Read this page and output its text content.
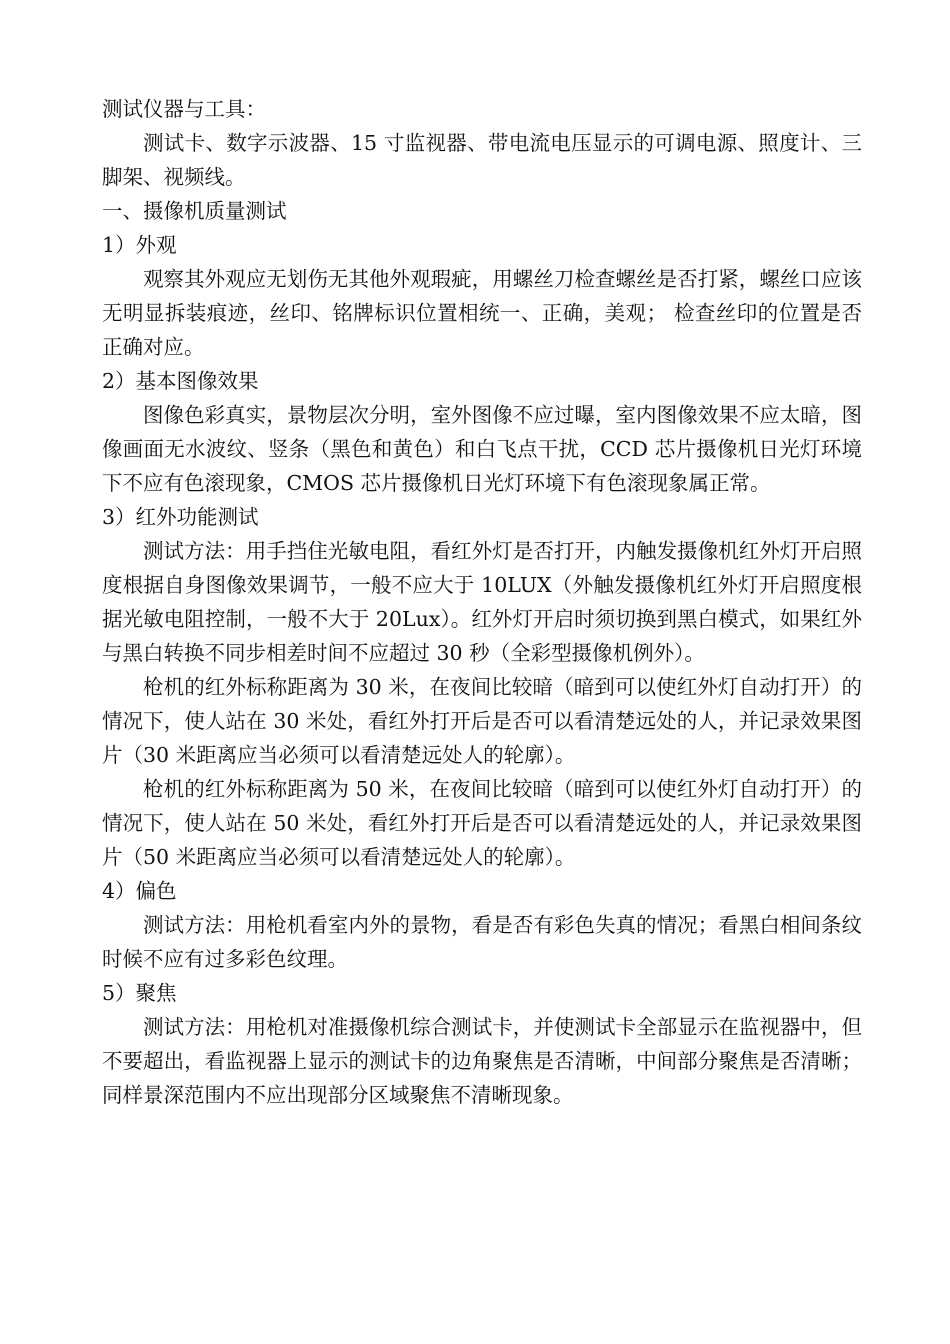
测试仪器与工具：

测试卡、数字示波器、15 寸监视器、带电流电压显示的可调电源、照度计、三脚架、视频线。

一、摄像机质量测试

1）外观

观察其外观应无划伤无其他外观瑕疵，用螺丝刀检查螺丝是否打紧，螺丝口应该无明显拆装痕迹，丝印、铭牌标识位置相统一、正确，美观； 检查丝印的位置是否正确对应。

2）基本图像效果

图像色彩真实，景物层次分明，室外图像不应过曝，室内图像效果不应太暗，图像画面无水波纹、竖条（黑色和黄色）和白飞点干扰，CCD 芯片摄像机日光灯环境下不应有色滚现象，CMOS 芯片摄像机日光灯环境下有色滚现象属正常。

3）红外功能测试

测试方法：用手挡住光敏电阻，看红外灯是否打开，内触发摄像机红外灯开启照度根据自身图像效果调节，一般不应大于 10LUX（外触发摄像机红外灯开启照度根据光敏电阻控制，一般不大于 20Lux）。红外灯开启时须切换到黑白模式，如果红外与黑白转换不同步相差时间不应超过 30 秒（全彩型摄像机例外）。

枪机的红外标称距离为 30 米，在夜间比较暗（暗到可以使红外灯自动打开）的情况下，使人站在 30 米处，看红外打开后是否可以看清楚远处的人，并记录效果图片（30 米距离应当必须可以看清楚远处人的轮廓）。

枪机的红外标称距离为 50 米，在夜间比较暗（暗到可以使红外灯自动打开）的情况下，使人站在 50 米处，看红外打开后是否可以看清楚远处的人，并记录效果图片（50 米距离应当必须可以看清楚远处人的轮廓）。

4）偏色

测试方法：用枪机看室内外的景物，看是否有彩色失真的情况；看黑白相间条纹时候不应有过多彩色纹理。

5）聚焦

测试方法：用枪机对准摄像机综合测试卡，并使测试卡全部显示在监视器中，但不要超出，看监视器上显示的测试卡的边角聚焦是否清晰，中间部分聚焦是否清晰；同样景深范围内不应出现部分区域聚焦不清晰现象。
